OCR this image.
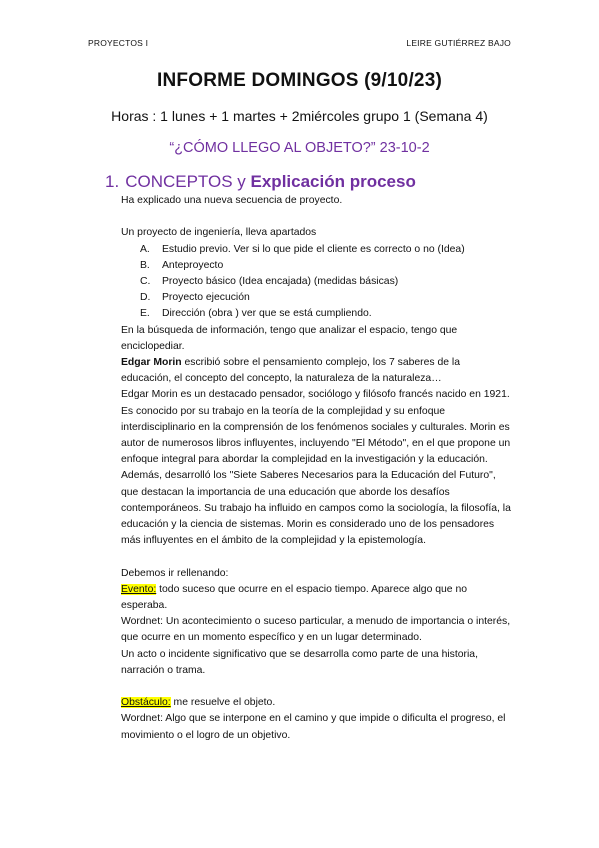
PROYECTOS I	LEIRE GUTIÉRREZ BAJO
INFORME DOMINGOS (9/10/23)
Horas : 1 lunes + 1 martes + 2miércoles grupo 1 (Semana 4)
“¿CÓMO LLEGO AL OBJETO?” 23-10-2
1. CONCEPTOS y Explicación proceso

Ha explicado una nueva secuencia de proyecto.

Un proyecto de ingeniería, lleva apartados

A. Estudio previo. Ver si lo que pide el cliente es correcto o no (Idea)
B. Anteproyecto
C. Proyecto básico (Idea encajada) (medidas básicas)
D. Proyecto ejecución
E. Dirección (obra ) ver que se está cumpliendo.

En la búsqueda de información, tengo que analizar el espacio, tengo que enciclopediar.

Edgar Morin escribió sobre el pensamiento complejo, los 7 saberes de la educación, el concepto del concepto, la naturaleza de la naturaleza…

Edgar Morin es un destacado pensador, sociólogo y filósofo francés nacido en 1921. Es conocido por su trabajo en la teoría de la complejidad y su enfoque interdisciplinario en la comprensión de los fenómenos sociales y culturales. Morin es autor de numerosos libros influyentes, incluyendo "El Método", en el que propone un enfoque integral para abordar la complejidad en la investigación y la educación. Además, desarrolló los "Siete Saberes Necesarios para la Educación del Futuro", que destacan la importancia de una educación que aborde los desafíos contemporáneos. Su trabajo ha influido en campos como la sociología, la filosofía, la educación y la ciencia de sistemas. Morin es considerado uno de los pensadores más influyentes en el ámbito de la complejidad y la epistemología.

Debemos ir rellenando:

Evento: todo suceso que ocurre en el espacio tiempo. Aparece algo que no esperaba.

Wordnet: Un acontecimiento o suceso particular, a menudo de importancia o interés, que ocurre en un momento específico y en un lugar determinado.

Un acto o incidente significativo que se desarrolla como parte de una historia, narración o trama.

Obstáculo: me resuelve el objeto.

Wordnet: Algo que se interpone en el camino y que impide o dificulta el progreso, el movimiento o el logro de un objetivo.
